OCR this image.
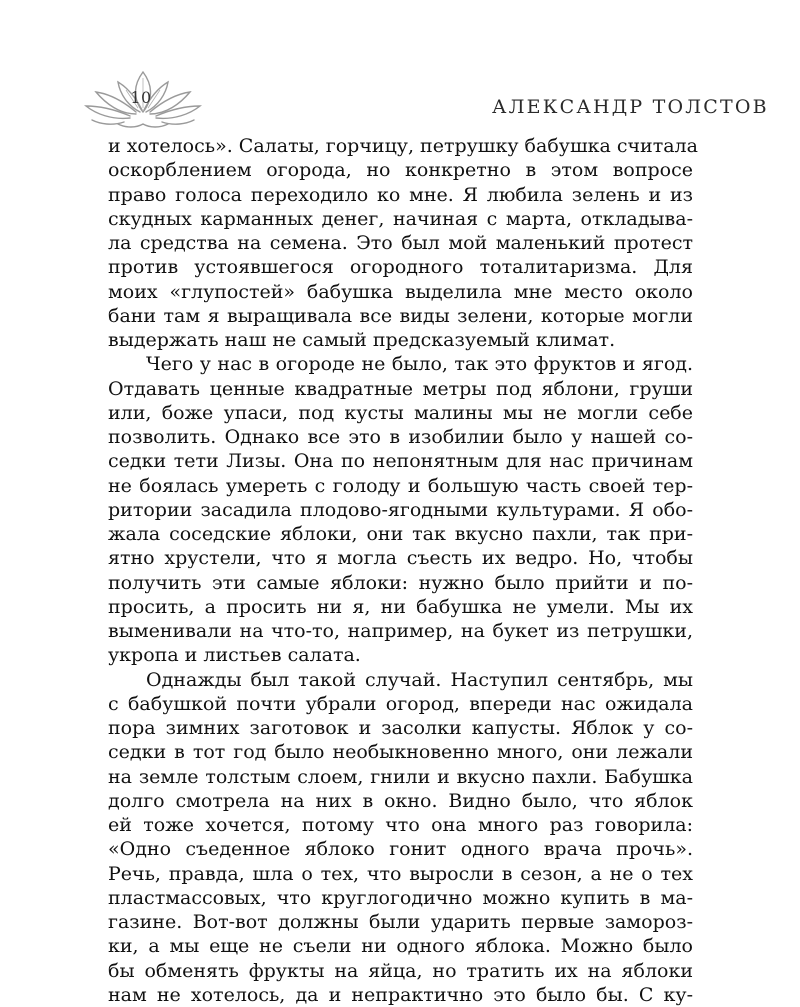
10	АЛЕКСАНДР ТОЛСТОВ
и хотелось». Салаты, горчицу, петрушку бабушка считала
оскорблением огорода, но конкретно в этом вопросе
право голоса переходило ко мне. Я любила зелень и из
скудных карманных денег, начиная с марта, откладыва-
ла средства на семена. Это был мой маленький протест
против устоявшегося огородного тоталитаризма. Для
моих «глупостей» бабушка выделила мне место около
бани там я выращивала все виды зелени, которые могли
выдержать наш не самый предсказуемый климат.
Чего у нас в огороде не было, так это фруктов и ягод.
Отдавать ценные квадратные метры под яблони, груши
или, боже упаси, под кусты малины мы не могли себе
позволить. Однако все это в изобилии было у нашей со-
седки тети Лизы. Она по непонятным для нас причинам
не боялась умереть с голоду и большую часть своей тер-
ритории засадила плодово-ягодными культурами. Я обо-
жала соседские яблоки, они так вкусно пахли, так при-
ятно хрустели, что я могла съесть их ведро. Но, чтобы
получить эти самые яблоки: нужно было прийти и по-
просить, а просить ни я, ни бабушка не умели. Мы их
выменивали на что-то, например, на букет из петрушки,
укропа и листьев салата.
Однажды был такой случай. Наступил сентябрь, мы
с бабушкой почти убрали огород, впереди нас ожидала
пора зимних заготовок и засолки капусты. Яблок у со-
седки в тот год было необыкновенно много, они лежали
на земле толстым слоем, гнили и вкусно пахли. Бабушка
долго смотрела на них в окно. Видно было, что яблок
ей тоже хочется, потому что она много раз говорила:
«Одно съеденное яблоко гонит одного врача прочь».
Речь, правда, шла о тех, что выросли в сезон, а не о тех
пластмассовых, что круглогодично можно купить в ма-
газине. Вот-вот должны были ударить первые замороз-
ки, а мы еще не съели ни одного яблока. Можно было
бы обменять фрукты на яйца, но тратить их на яблоки
нам не хотелось, да и непрактично это было бы. С ку-
